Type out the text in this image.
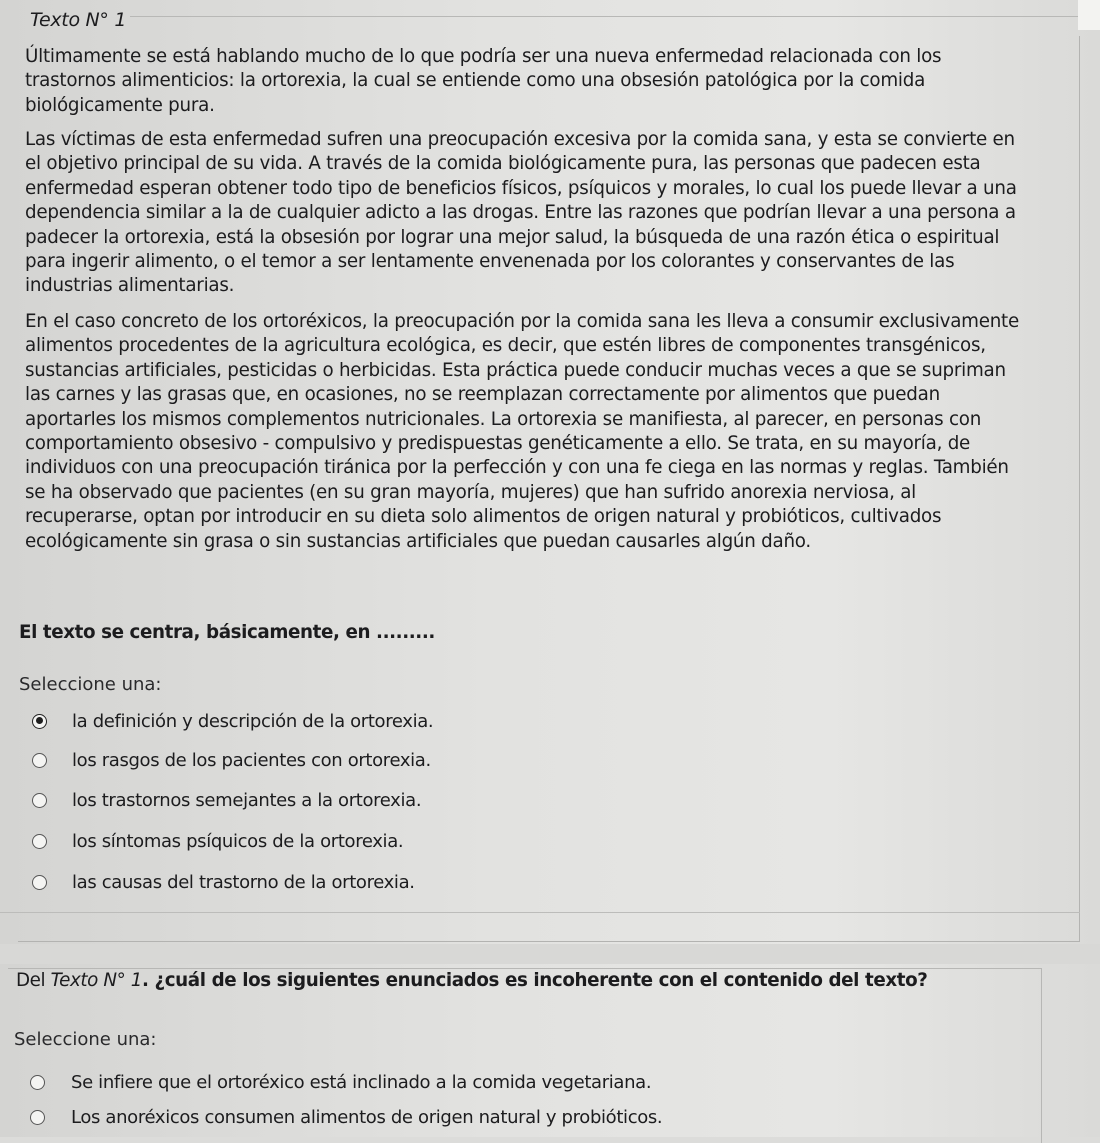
Texto N° 1

Últimamente se está hablando mucho de lo que podría ser una nueva enfermedad relacionada con los trastornos alimenticios: la ortorexia, la cual se entiende como una obsesión patológica por la comida biológicamente pura.

Las víctimas de esta enfermedad sufren una preocupación excesiva por la comida sana, y esta se convierte en el objetivo principal de su vida. A través de la comida biológicamente pura, las personas que padecen esta enfermedad esperan obtener todo tipo de beneficios físicos, psíquicos y morales, lo cual los puede llevar a una dependencia similar a la de cualquier adicto a las drogas. Entre las razones que podrían llevar a una persona a padecer la ortorexia, está la obsesión por lograr una mejor salud, la búsqueda de una razón ética o espiritual para ingerir alimento, o el temor a ser lentamente envenenada por los colorantes y conservantes de las industrias alimentarias.

En el caso concreto de los ortoréxicos, la preocupación por la comida sana les lleva a consumir exclusivamente alimentos procedentes de la agricultura ecológica, es decir, que estén libres de componentes transgénicos, sustancias artificiales, pesticidas o herbicidas. Esta práctica puede conducir muchas veces a que se supriman las carnes y las grasas que, en ocasiones, no se reemplazan correctamente por alimentos que puedan aportarles los mismos complementos nutricionales. La ortorexia se manifiesta, al parecer, en personas con comportamiento obsesivo - compulsivo y predispuestas genéticamente a ello. Se trata, en su mayoría, de individuos con una preocupación tiránica por la perfección y con una fe ciega en las normas y reglas. También se ha observado que pacientes (en su gran mayoría, mujeres) que han sufrido anorexia nerviosa, al recuperarse, optan por introducir en su dieta solo alimentos de origen natural y probióticos, cultivados ecológicamente sin grasa o sin sustancias artificiales que puedan causarles algún daño.

El texto se centra, básicamente, en .........
Seleccione una:
la definición y descripción de la ortorexia.
los rasgos de los pacientes con ortorexia.
los trastornos semejantes a la ortorexia.
los síntomas psíquicos de la ortorexia.
las causas del trastorno de la ortorexia.
Del Texto N° 1. ¿cuál de los siguientes enunciados es incoherente con el contenido del texto?
Seleccione una:
Se infiere que el ortoréxico está inclinado a la comida vegetariana.
Los anoréxicos consumen alimentos de origen natural y probióticos.
